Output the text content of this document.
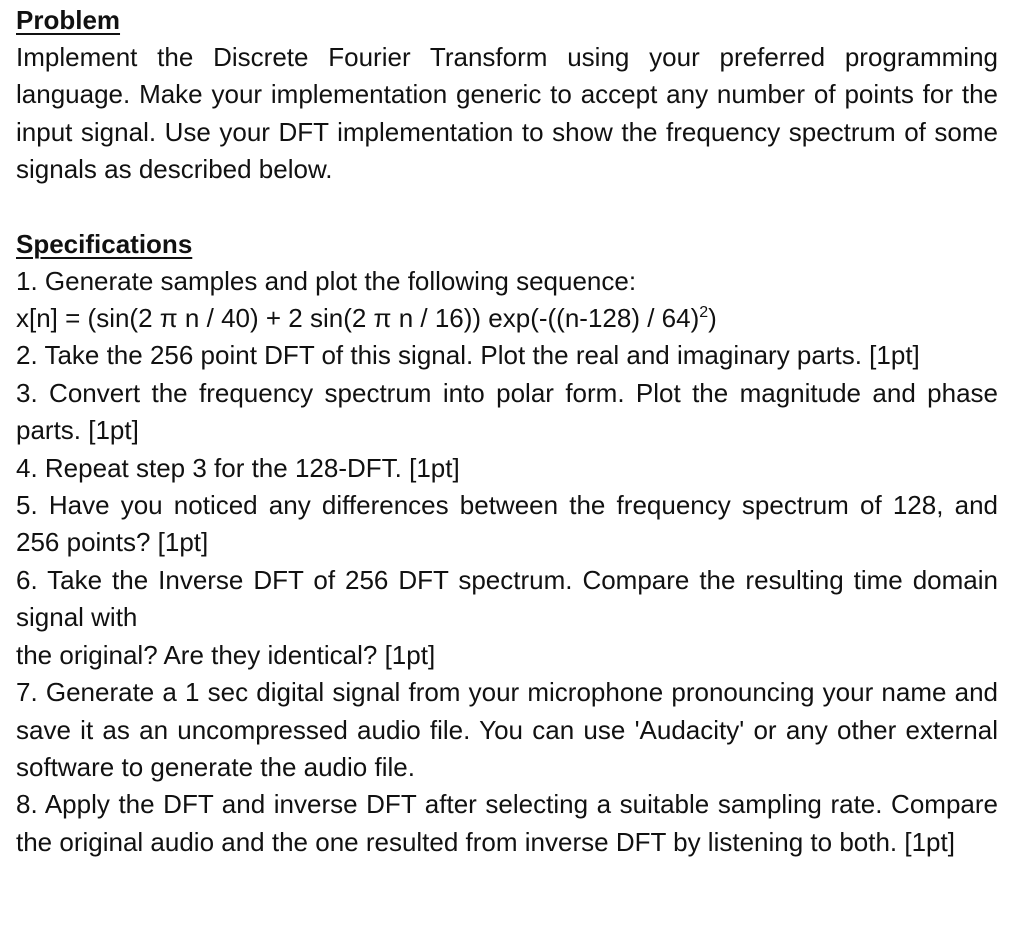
Problem

Implement the Discrete Fourier Transform using your preferred programming language. Make your implementation generic to accept any number of points for the input signal. Use your DFT implementation to show the frequency spectrum of some signals as described below.

Specifications

1. Generate samples and plot the following sequence:

x[n] = (sin(2 π n / 40) + 2 sin(2 π n / 16)) exp(-((n-128) / 64)$^2$)

2. Take the 256 point DFT of this signal. Plot the real and imaginary parts. [1pt]

3. Convert the frequency spectrum into polar form. Plot the magnitude and phase parts. [1pt]

4. Repeat step 3 for the 128-DFT. [1pt]

5. Have you noticed any differences between the frequency spectrum of 128, and 256 points? [1pt]

6. Take the Inverse DFT of 256 DFT spectrum. Compare the resulting time domain signal with

the original? Are they identical? [1pt]

7. Generate a 1 sec digital signal from your microphone pronouncing your name and save it as an uncompressed audio file. You can use 'Audacity' or any other external software to generate the audio file.

8. Apply the DFT and inverse DFT after selecting a suitable sampling rate. Compare the original audio and the one resulted from inverse DFT by listening to both. [1pt]
